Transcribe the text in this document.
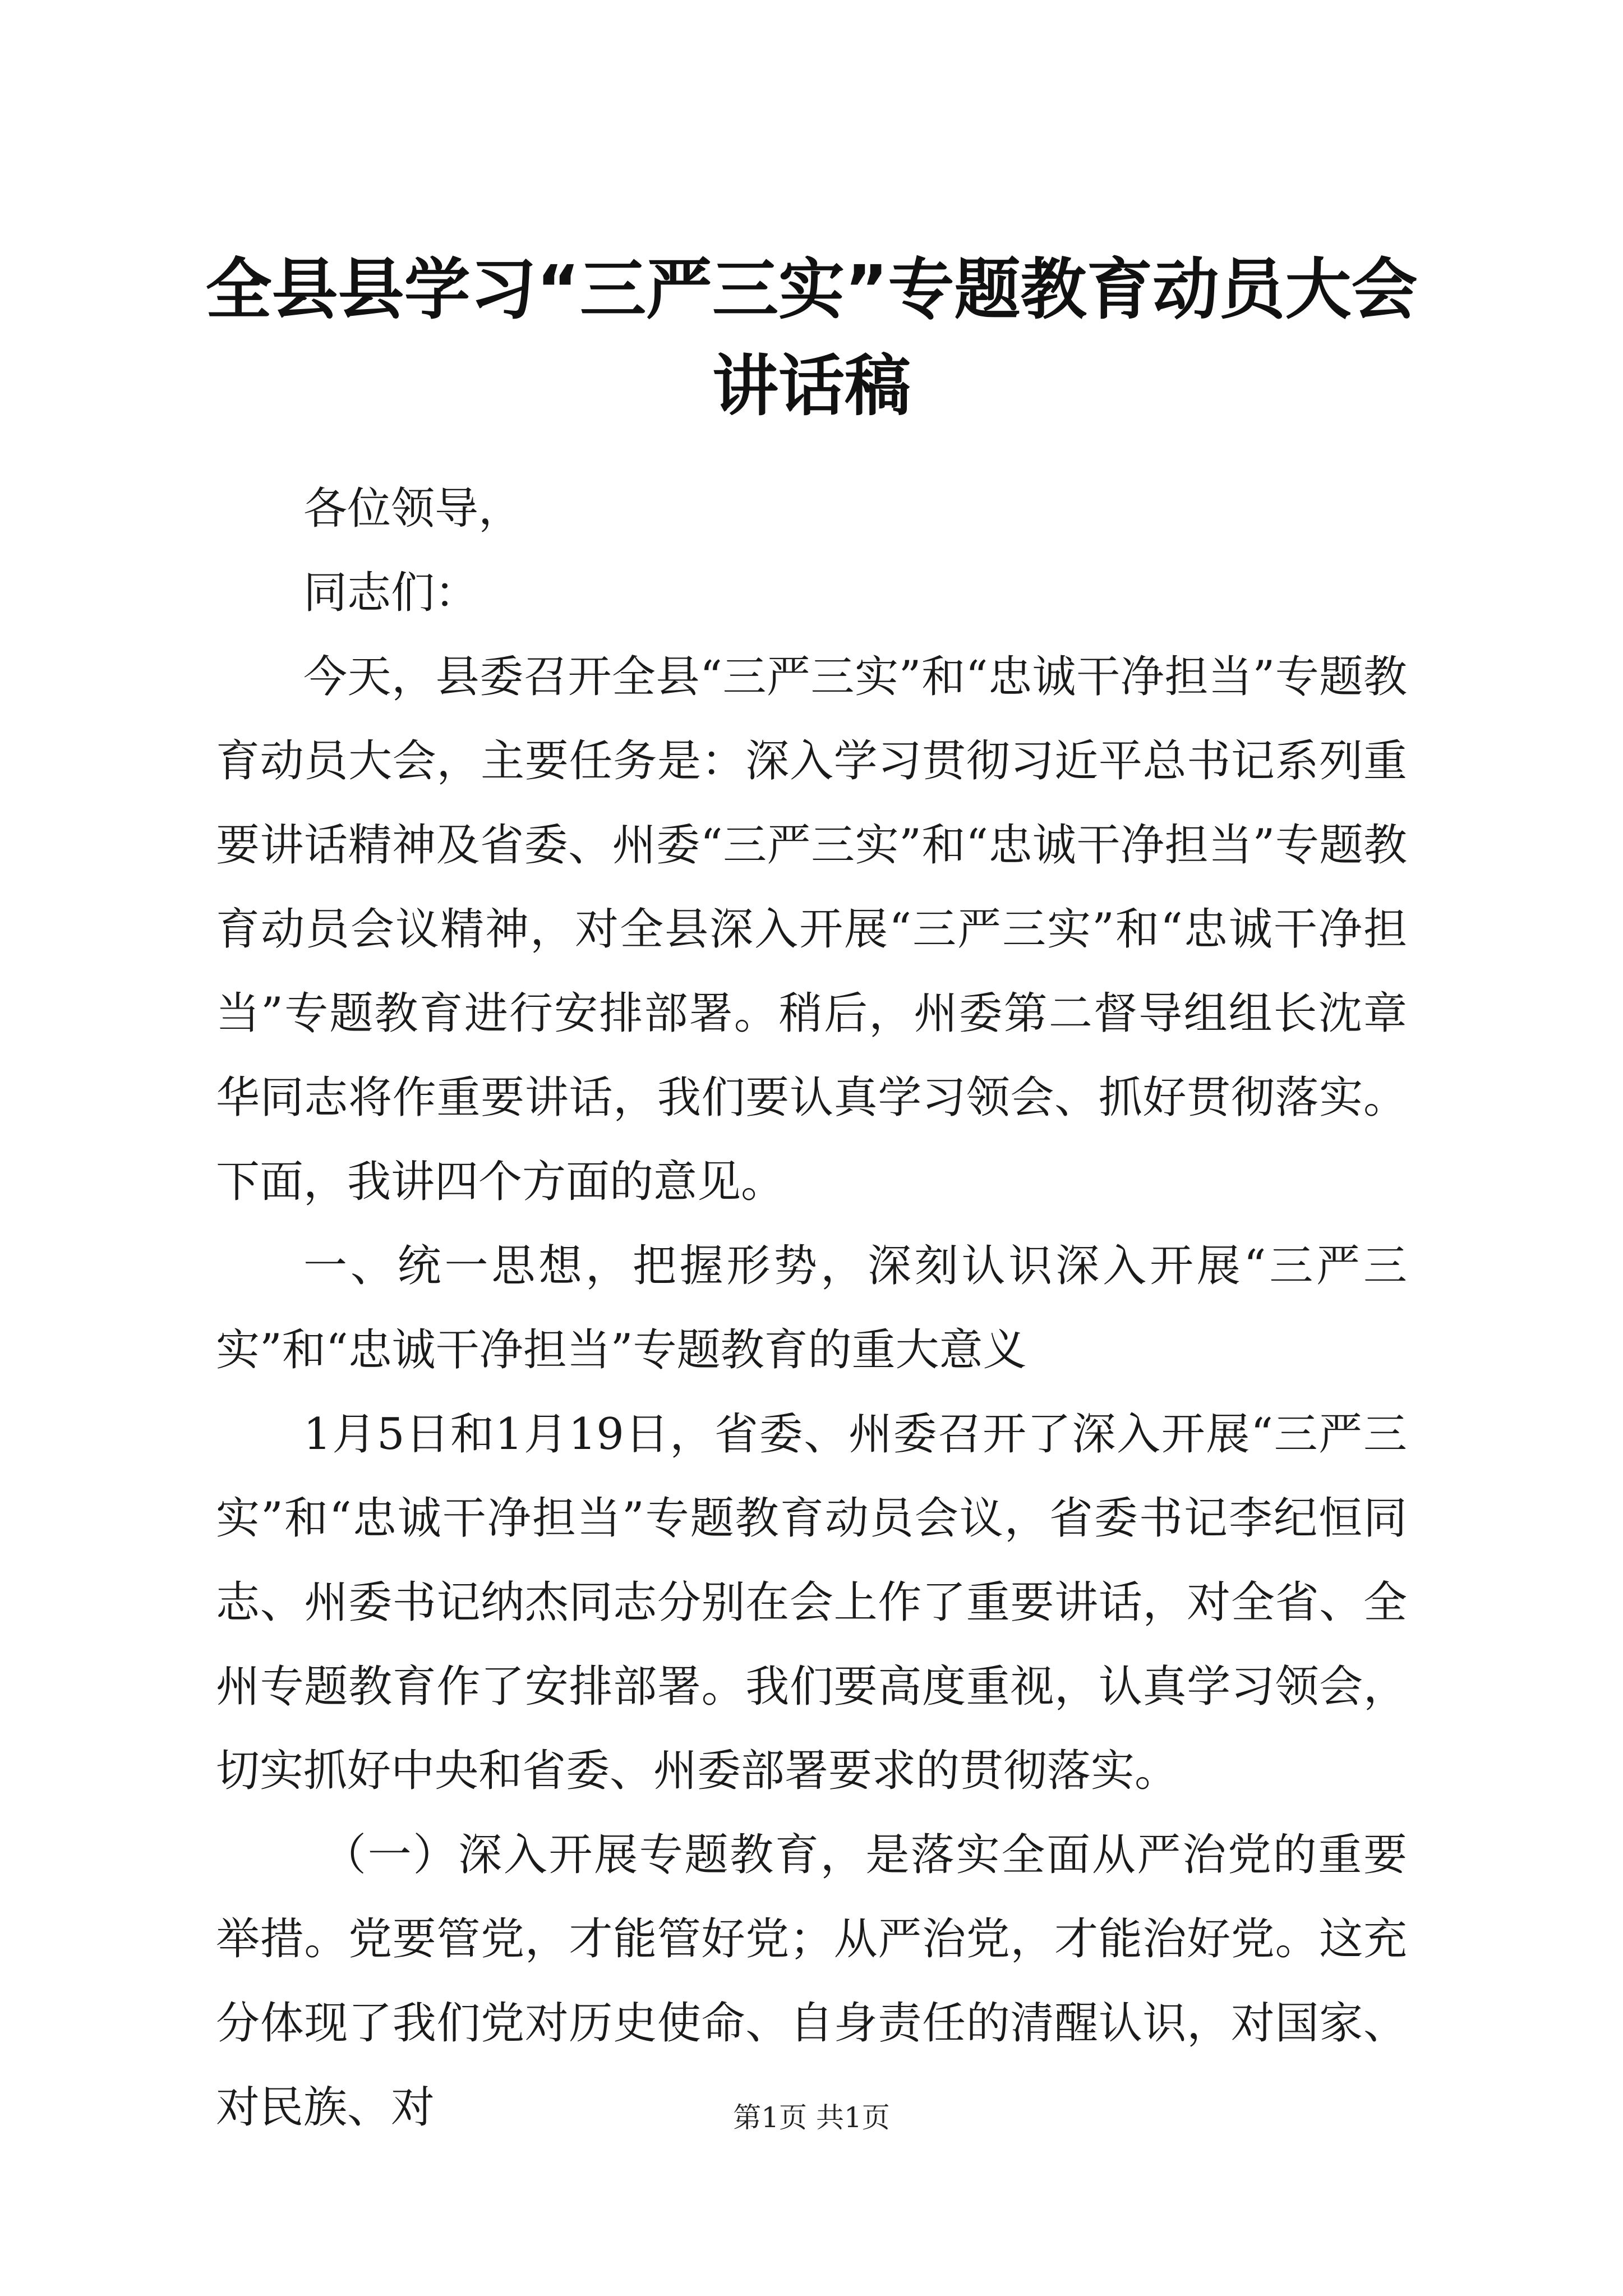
全县县学习“三严三实”专题教育动员大会讲话稿

各位领导，

同志们：

今天，县委召开全县“三严三实”和“忠诚干净担当”专题教育动员大会，主要任务是：深入学习贯彻习近平总书记系列重要讲话精神及省委、州委“三严三实”和“忠诚干净担当”专题教育动员会议精神，对全县深入开展“三严三实”和“忠诚干净担当”专题教育进行安排部署。稍后，州委第二督导组组长沈章华同志将作重要讲话，我们要认真学习领会、抓好贯彻落实。下面，我讲四个方面的意见。

一、统一思想，把握形势，深刻认识深入开展“三严三实”和“忠诚干净担当”专题教育的重大意义

1月5日和1月19日，省委、州委召开了深入开展“三严三实”和“忠诚干净担当”专题教育动员会议，省委书记李纪恒同志、州委书记纳杰同志分别在会上作了重要讲话，对全省、全州专题教育作了安排部署。我们要高度重视，认真学习领会，切实抓好中央和省委、州委部署要求的贯彻落实。

（一）深入开展专题教育，是落实全面从严治党的重要举措。党要管党，才能管好党；从严治党，才能治好党。这充分体现了我们党对历史使命、自身责任的清醒认识，对国家、对民族、对	第1页 共1页
